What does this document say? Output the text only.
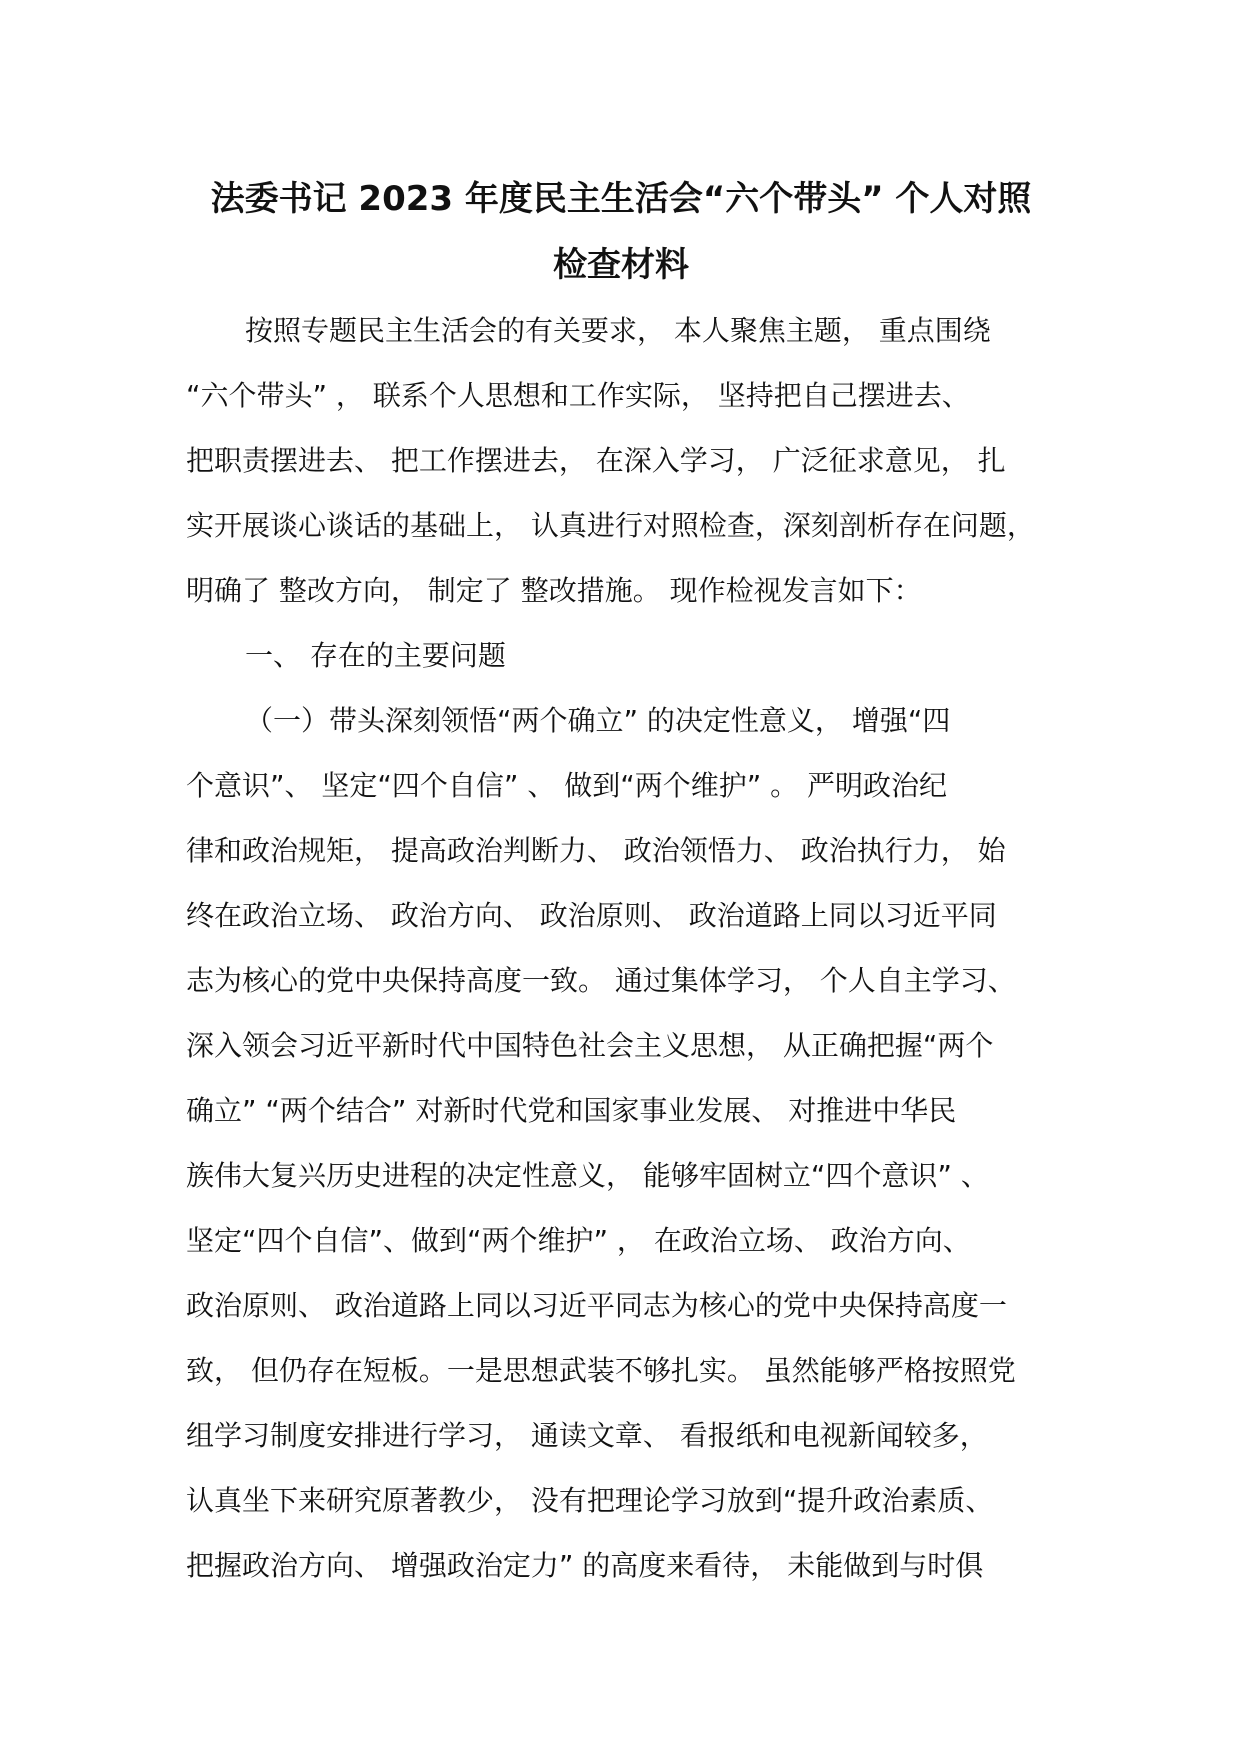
法委书记 2023 年度民主生活会“六个带头” 个人对照
检查材料
按照专题民主生活会的有关要求， 本人聚焦主题， 重点围绕
“六个带头” ， 联系个人思想和工作实际， 坚持把自己摆进去、
把职责摆进去、 把工作摆进去， 在深入学习， 广泛征求意见， 扎
实开展谈心谈话的基础上， 认真进行对照检查，深刻剖析存在问题，
明确了 整改方向， 制定了 整改措施。 现作检视发言如下：
一、 存在的主要问题
（一）带头深刻领悟“两个确立” 的决定性意义， 增强“四
个意识”、 坚定“四个自信” 、 做到“两个维护” 。 严明政治纪
律和政治规矩， 提高政治判断力、 政治领悟力、 政治执行力， 始
终在政治立场、 政治方向、 政治原则、 政治道路上同以习近平同
志为核心的党中央保持高度一致。 通过集体学习， 个人自主学习、
深入领会习近平新时代中国特色社会主义思想， 从正确把握“两个
确立” “两个结合” 对新时代党和国家事业发展、 对推进中华民
族伟大复兴历史进程的决定性意义， 能够牢固树立“四个意识” 、
坚定“四个自信”、做到“两个维护” ， 在政治立场、 政治方向、
政治原则、 政治道路上同以习近平同志为核心的党中央保持高度一
致， 但仍存在短板。一是思想武装不够扎实。 虽然能够严格按照党
组学习制度安排进行学习， 通读文章、 看报纸和电视新闻较多，
认真坐下来研究原著教少， 没有把理论学习放到“提升政治素质、
把握政治方向、 增强政治定力” 的高度来看待， 未能做到与时俱
